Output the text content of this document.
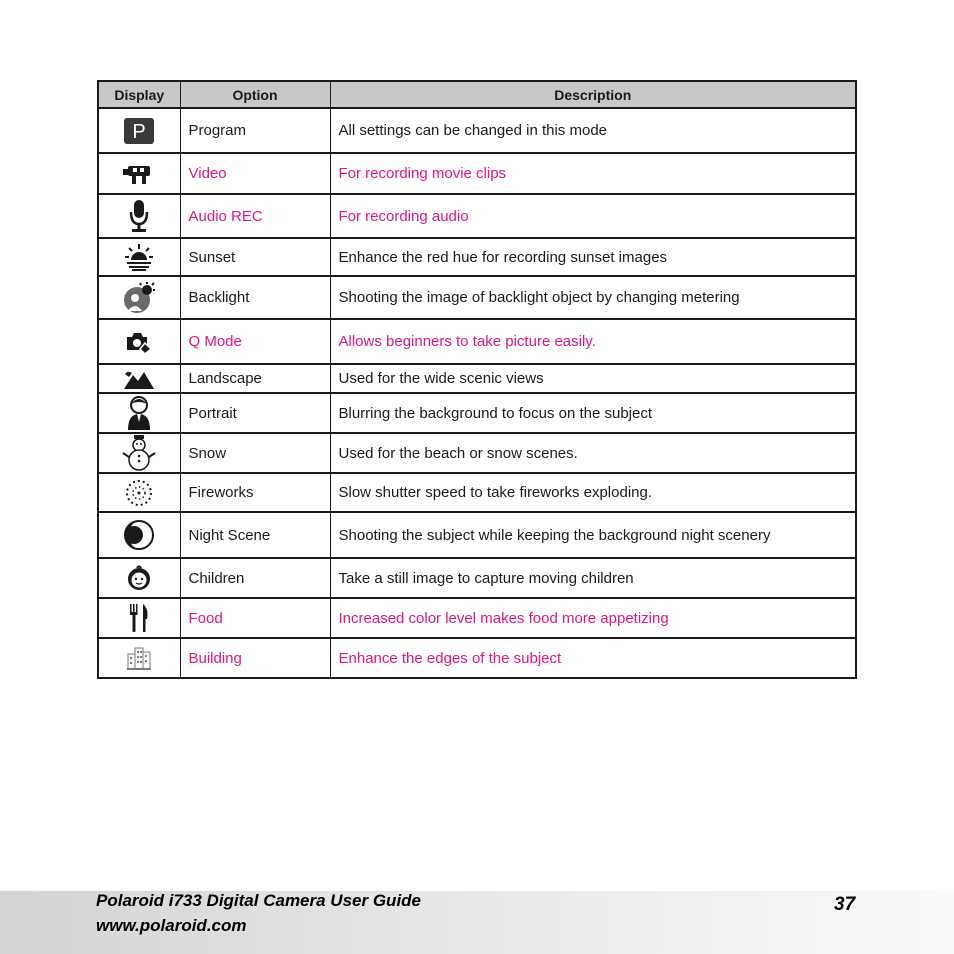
Display	Option	Description

P	Program	All settings can be changed in this mode
	Video	For recording movie clips
	Audio REC	For recording audio
	Sunset	Enhance the red hue for recording sunset images
	Backlight	Shooting the image of backlight object by changing metering
	Q Mode	Allows beginners to take picture easily.
	Landscape	Used for the wide scenic views
	Portrait	Blurring the background to focus on the subject
	Snow	Used for the beach or snow scenes.
	Fireworks	Slow shutter speed to take fireworks exploding.
	Night Scene	Shooting the subject while keeping the background night scenery
	Children	Take a still image to capture moving children
	Food	Increased color level makes food more appetizing
	Building	Enhance the edges of the subject
Polaroid i733 Digital Camera User Guide
www.polaroid.com
37
